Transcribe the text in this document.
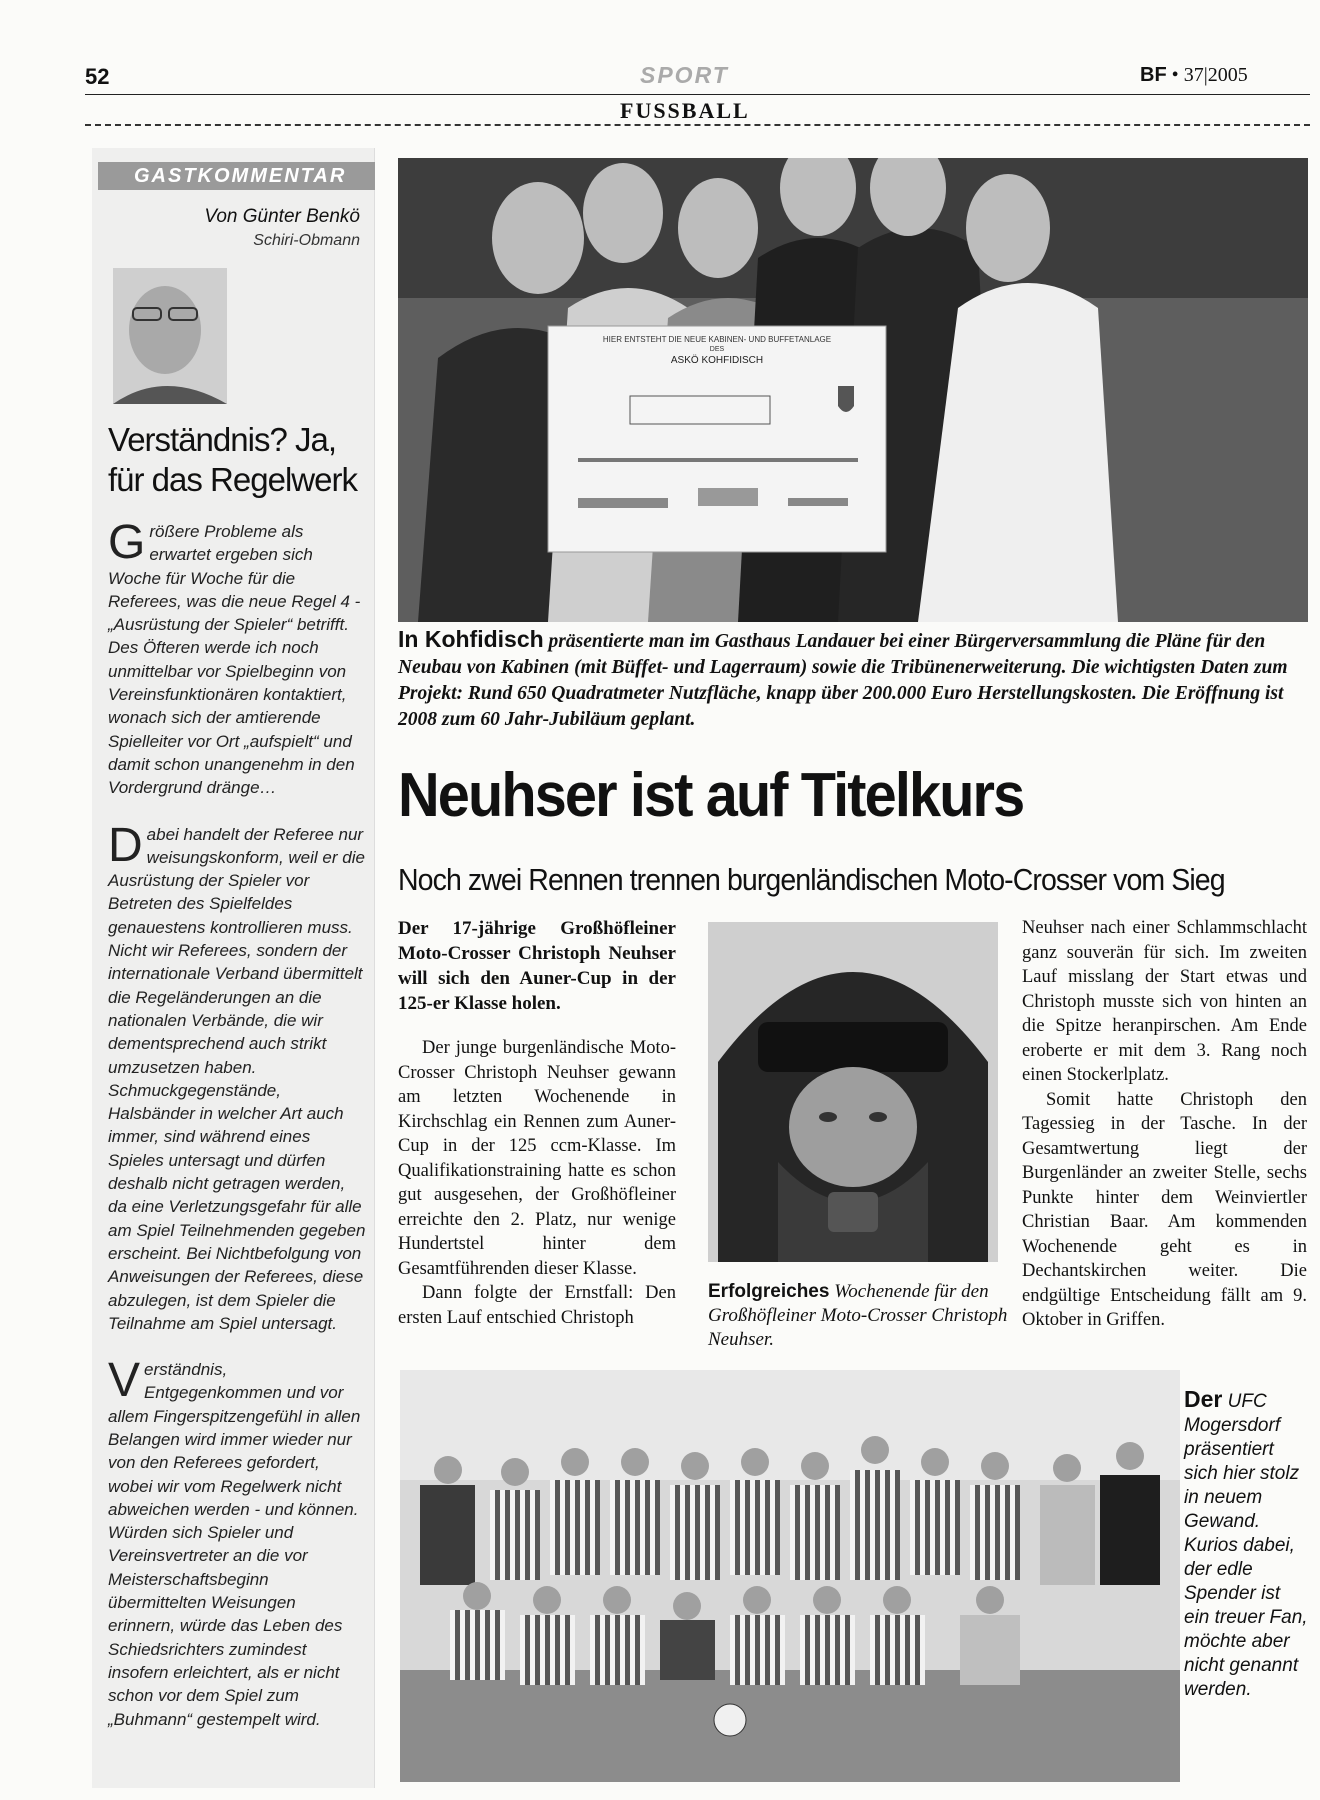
52	SPORT	BF • 37|2005
FUSSBALL
GASTKOMMENTAR
Von Günter Benkö
Schiri-Obmann
Verständnis? Ja,
für das Regelwerk

Größere Probleme als erwartet ergeben sich Woche für Woche für die Referees, was die neue Regel 4 - „Ausrüstung der Spieler“ betrifft. Des Öfteren werde ich noch unmittelbar vor Spielbeginn von Vereinsfunktionären kontaktiert, wonach sich der amtierende Spielleiter vor Ort „aufspielt“ und damit schon unangenehm in den Vordergrund dränge…

Dabei handelt der Referee nur weisungskonform, weil er die Ausrüstung der Spieler vor Betreten des Spielfeldes genauestens kontrollieren muss. Nicht wir Referees, sondern der internationale Verband übermittelt die Regeländerungen an die nationalen Verbände, die wir dementsprechend auch strikt umzusetzen haben. Schmuckgegenstände, Halsbänder in welcher Art auch immer, sind während eines Spieles untersagt und dürfen deshalb nicht getragen werden, da eine Verletzungsgefahr für alle am Spiel Teilnehmenden gegeben erscheint. Bei Nichtbefolgung von Anweisungen der Referees, diese abzulegen, ist dem Spieler die Teilnahme am Spiel untersagt.

Verständnis, Entgegenkommen und vor allem Fingerspitzengefühl in allen Belangen wird immer wieder nur von den Referees gefordert, wobei wir vom Regelwerk nicht abweichen werden - und können. Würden sich Spieler und Vereinsvertreter an die vor Meisterschaftsbeginn übermittelten Weisungen erinnern, würde das Leben des Schiedsrichters zumindest insofern erleichtert, als er nicht schon vor dem Spiel zum „Buhmann“ gestempelt wird.

HIER ENTSTEHT DIE NEUE KABINEN- UND BUFFETANLAGE
DES
ASKÖ KOHFIDISCH
In Kohfidisch präsentierte man im Gasthaus Landauer bei einer Bürgerversammlung die Pläne für den Neubau von Kabinen (mit Büffet- und Lagerraum) sowie die Tribünenerweiterung. Die wichtigsten Daten zum Projekt: Rund 650 Quadratmeter Nutzfläche, knapp über 200.000 Euro Herstellungskosten. Die Eröffnung ist 2008 zum 60 Jahr-Jubiläum geplant.
Neuhser ist auf Titelkurs
Noch zwei Rennen trennen burgenländischen Moto-Crosser vom Sieg
Der 17-jährige Großhöfleiner Moto-Crosser Christoph Neuhser will sich den Auner-Cup in der 125-er Klasse holen.

Der junge burgenländische Moto-Crosser Christoph Neuhser gewann am letzten Wochenende in Kirchschlag ein Rennen zum Auner-Cup in der 125 ccm-Klasse. Im Qualifikationstraining hatte es schon gut ausgesehen, der Großhöfleiner erreichte den 2. Platz, nur wenige Hundertstel hinter dem Gesamtführenden dieser Klasse.

Dann folgte der Ernstfall: Den ersten Lauf entschied Christoph

Erfolgreiches Wochenende für den Großhöfleiner Moto-Crosser Christoph Neuhser.

Neuhser nach einer Schlammschlacht ganz souverän für sich. Im zweiten Lauf misslang der Start etwas und Christoph musste sich von hinten an die Spitze heranpirschen. Am Ende eroberte er mit dem 3. Rang noch einen Stockerlplatz.

Somit hatte Christoph den Tagessieg in der Tasche. In der Gesamtwertung liegt der Burgenländer an zweiter Stelle, sechs Punkte hinter dem Weinviertler Christian Baar. Am kommenden Wochenende geht es in Dechantskirchen weiter. Die endgültige Entscheidung fällt am 9. Oktober in Griffen.

Der UFC Mogersdorf präsentiert sich hier stolz in neuem Gewand. Kurios dabei, der edle Spender ist ein treuer Fan, möchte aber nicht genannt werden.
